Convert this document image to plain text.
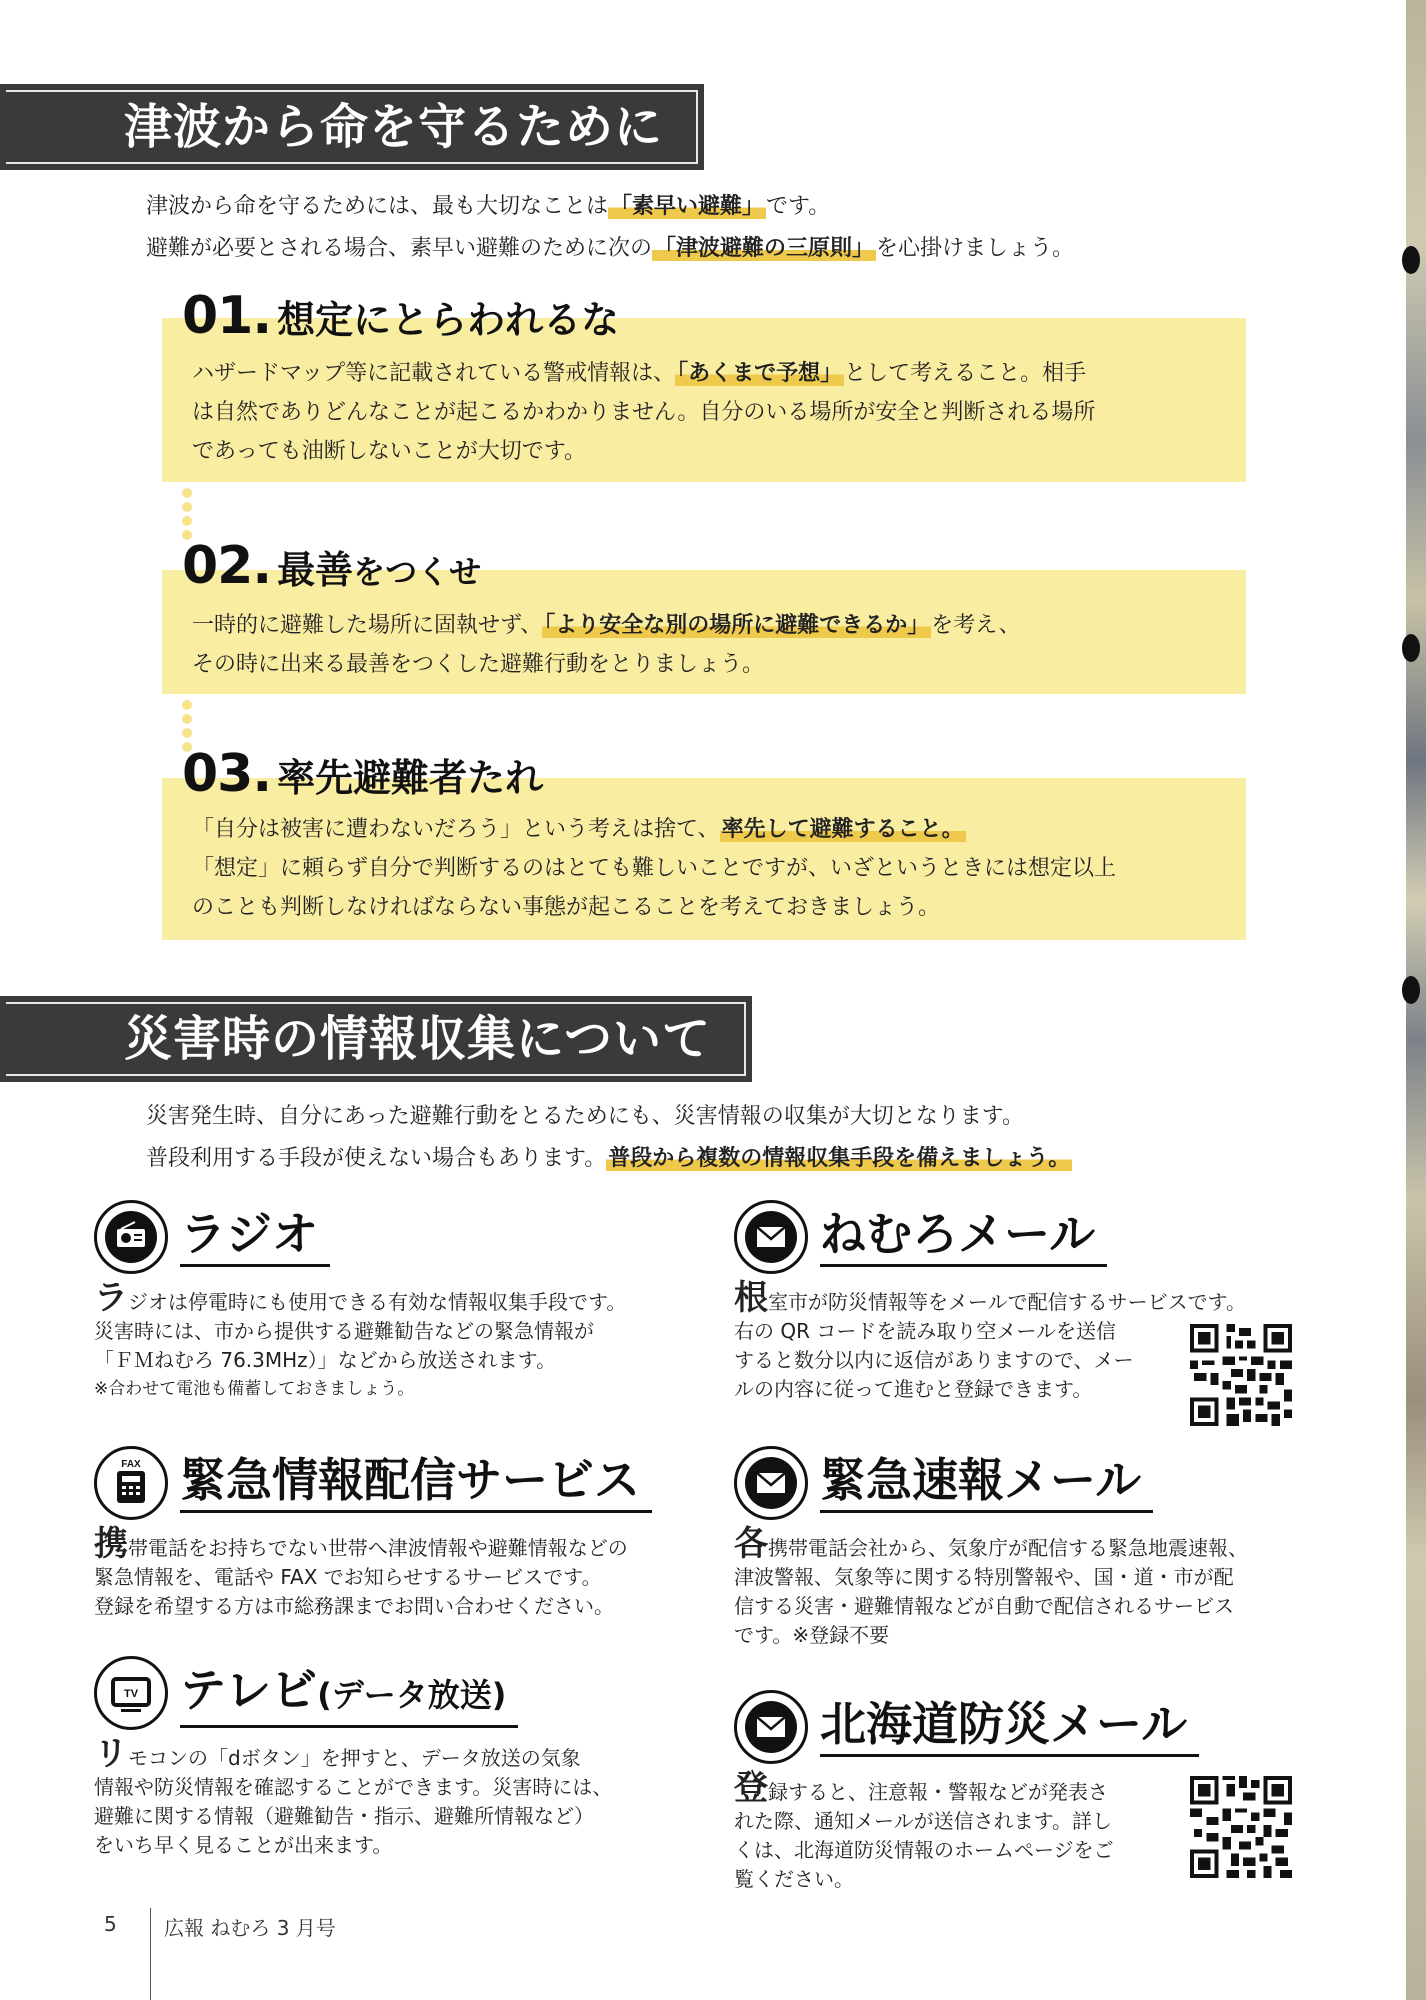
津波から命を守るために
津波から命を守るためには、最も大切なことは「素早い避難」です。
避難が必要とされる場合、素早い避難のために次の「津波避難の三原則」を心掛けましょう。
ハザードマップ等に記載されている警戒情報は、「あくまで予想」として考えること。相手
は自然でありどんなことが起こるかわかりません。自分のいる場所が安全と判断される場所
であっても油断しないことが大切です。
01. 想定にとらわれるな
一時的に避難した場所に固執せず、「より安全な別の場所に避難できるか」を考え、
その時に出来る最善をつくした避難行動をとりましょう。
02. 最善をつくせ
「自分は被害に遭わないだろう」という考えは捨て、率先して避難すること。
「想定」に頼らず自分で判断するのはとても難しいことですが、いざというときには想定以上
のことも判断しなければならない事態が起こることを考えておきましょう。
03. 率先避難者たれ
災害時の情報収集について
災害発生時、自分にあった避難行動をとるためにも、災害情報の収集が大切となります。
普段利用する手段が使えない場合もあります。普段から複数の情報収集手段を備えましょう。
ラジオ
ラジオは停電時にも使用できる有効な情報収集手段です。
災害時には、市から提供する避難勧告などの緊急情報が
「ＦＭねむろ 76.3MHz）」などから放送されます。
※合わせて電池も備蓄しておきましょう。
FAX 緊急情報配信サービス
携帯電話をお持ちでない世帯へ津波情報や避難情報などの
緊急情報を、電話や FAX でお知らせするサービスです。
登録を希望する方は市総務課までお問い合わせください。
TV テレビ(データ放送)
リモコンの「dボタン」を押すと、データ放送の気象
情報や防災情報を確認することができます。災害時には、
避難に関する情報（避難勧告・指示、避難所情報など）
をいち早く見ることが出来ます。
ねむろメール
根室市が防災情報等をメールで配信するサービスです。
右の QR コードを読み取り空メールを送信
すると数分以内に返信がありますので、メー
ルの内容に従って進むと登録できます。
緊急速報メール
各携帯電話会社から、気象庁が配信する緊急地震速報、
津波警報、気象等に関する特別警報や、国・道・市が配
信する災害・避難情報などが自動で配信されるサービス
です。※登録不要
北海道防災メール
登録すると、注意報・警報などが発表さ
れた際、通知メールが送信されます。詳し
くは、北海道防災情報のホームページをご
覧ください。
5 広報 ねむろ 3 月号
